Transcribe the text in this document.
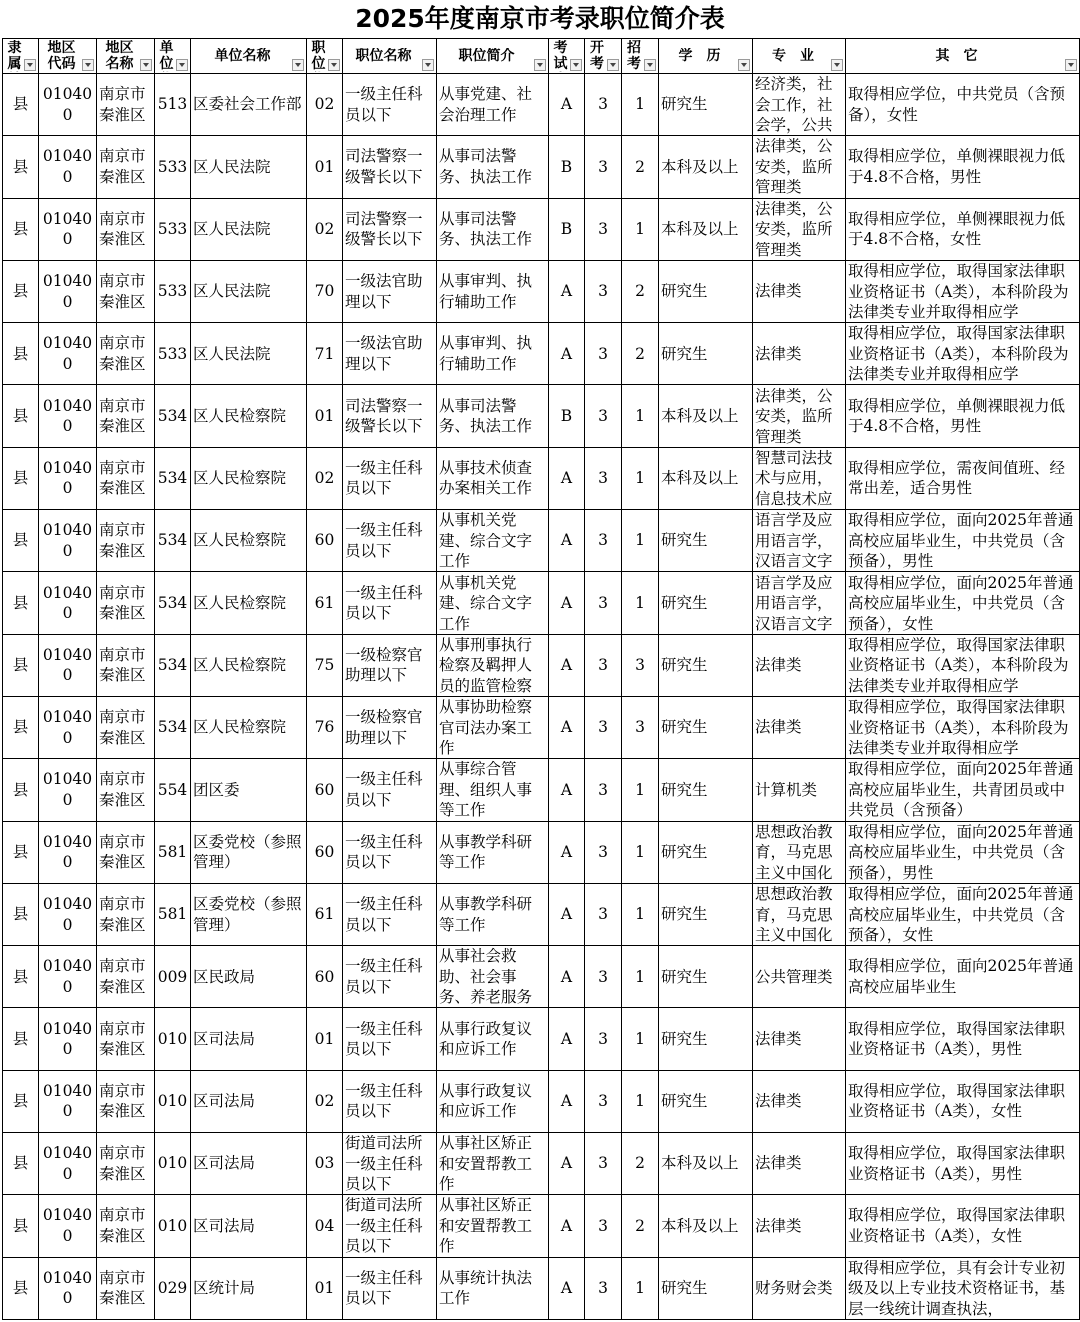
2025年度南京市考录职位简介表
隶属	地区代码	地区名称	单位	单位名称	职位	职位名称	职位简介	考试	开考	招考	学　历	专　业	其　它

县	010400	南京市秦淮区	513	区委社会工作部	02	一级主任科员以下	从事党建、社会治理工作	A	3	1	研究生	经济类，社会工作，社会学，公共	取得相应学位，中共党员（含预备），女性

县	010400	南京市秦淮区	533	区人民法院	01	司法警察一级警长以下	从事司法警务、执法工作	B	3	2	本科及以上	法律类，公安类，监所管理类	取得相应学位，单侧裸眼视力低于4.8不合格，男性

县	010400	南京市秦淮区	533	区人民法院	02	司法警察一级警长以下	从事司法警务、执法工作	B	3	1	本科及以上	法律类，公安类，监所管理类	取得相应学位，单侧裸眼视力低于4.8不合格，女性

县	010400	南京市秦淮区	533	区人民法院	70	一级法官助理以下	从事审判、执行辅助工作	A	3	2	研究生	法律类	取得相应学位，取得国家法律职业资格证书（A类），本科阶段为法律类专业并取得相应学

县	010400	南京市秦淮区	533	区人民法院	71	一级法官助理以下	从事审判、执行辅助工作	A	3	2	研究生	法律类	取得相应学位，取得国家法律职业资格证书（A类），本科阶段为法律类专业并取得相应学

县	010400	南京市秦淮区	534	区人民检察院	01	司法警察一级警长以下	从事司法警务、执法工作	B	3	1	本科及以上	法律类，公安类，监所管理类	取得相应学位，单侧裸眼视力低于4.8不合格，男性

县	010400	南京市秦淮区	534	区人民检察院	02	一级主任科员以下	从事技术侦查办案相关工作	A	3	1	本科及以上	智慧司法技术与应用，信息技术应	取得相应学位，需夜间值班、经常出差，适合男性

县	010400	南京市秦淮区	534	区人民检察院	60	一级主任科员以下	从事机关党建、综合文字工作	A	3	1	研究生	语言学及应用语言学，汉语言文字	取得相应学位，面向2025年普通高校应届毕业生，中共党员（含预备），男性

县	010400	南京市秦淮区	534	区人民检察院	61	一级主任科员以下	从事机关党建、综合文字工作	A	3	1	研究生	语言学及应用语言学，汉语言文字	取得相应学位，面向2025年普通高校应届毕业生，中共党员（含预备），女性

县	010400	南京市秦淮区	534	区人民检察院	75	一级检察官助理以下	从事刑事执行检察及羁押人员的监管检察	A	3	3	研究生	法律类	取得相应学位，取得国家法律职业资格证书（A类），本科阶段为法律类专业并取得相应学

县	010400	南京市秦淮区	534	区人民检察院	76	一级检察官助理以下	从事协助检察官司法办案工作	A	3	3	研究生	法律类	取得相应学位，取得国家法律职业资格证书（A类），本科阶段为法律类专业并取得相应学

县	010400	南京市秦淮区	554	团区委	60	一级主任科员以下	从事综合管理、组织人事等工作	A	3	1	研究生	计算机类	取得相应学位，面向2025年普通高校应届毕业生，共青团员或中共党员（含预备）

县	010400	南京市秦淮区	581	区委党校（参照管理）	60	一级主任科员以下	从事教学科研等工作	A	3	1	研究生	思想政治教育，马克思主义中国化	取得相应学位，面向2025年普通高校应届毕业生，中共党员（含预备），男性

县	010400	南京市秦淮区	581	区委党校（参照管理）	61	一级主任科员以下	从事教学科研等工作	A	3	1	研究生	思想政治教育，马克思主义中国化	取得相应学位，面向2025年普通高校应届毕业生，中共党员（含预备），女性

县	010400	南京市秦淮区	009	区民政局	60	一级主任科员以下	从事社会救助、社会事务、养老服务	A	3	1	研究生	公共管理类	取得相应学位，面向2025年普通高校应届毕业生

县	010400	南京市秦淮区	010	区司法局	01	一级主任科员以下	从事行政复议和应诉工作	A	3	1	研究生	法律类	取得相应学位，取得国家法律职业资格证书（A类），男性

县	010400	南京市秦淮区	010	区司法局	02	一级主任科员以下	从事行政复议和应诉工作	A	3	1	研究生	法律类	取得相应学位，取得国家法律职业资格证书（A类），女性

县	010400	南京市秦淮区	010	区司法局	03	街道司法所一级主任科员以下	从事社区矫正和安置帮教工作	A	3	2	本科及以上	法律类	取得相应学位，取得国家法律职业资格证书（A类），男性

县	010400	南京市秦淮区	010	区司法局	04	街道司法所一级主任科员以下	从事社区矫正和安置帮教工作	A	3	2	本科及以上	法律类	取得相应学位，取得国家法律职业资格证书（A类），女性

县	010400	南京市秦淮区	029	区统计局	01	一级主任科员以下	从事统计执法工作	A	3	1	研究生	财务财会类	取得相应学位，具有会计专业初级及以上专业技术资格证书，基层一线统计调查执法，
